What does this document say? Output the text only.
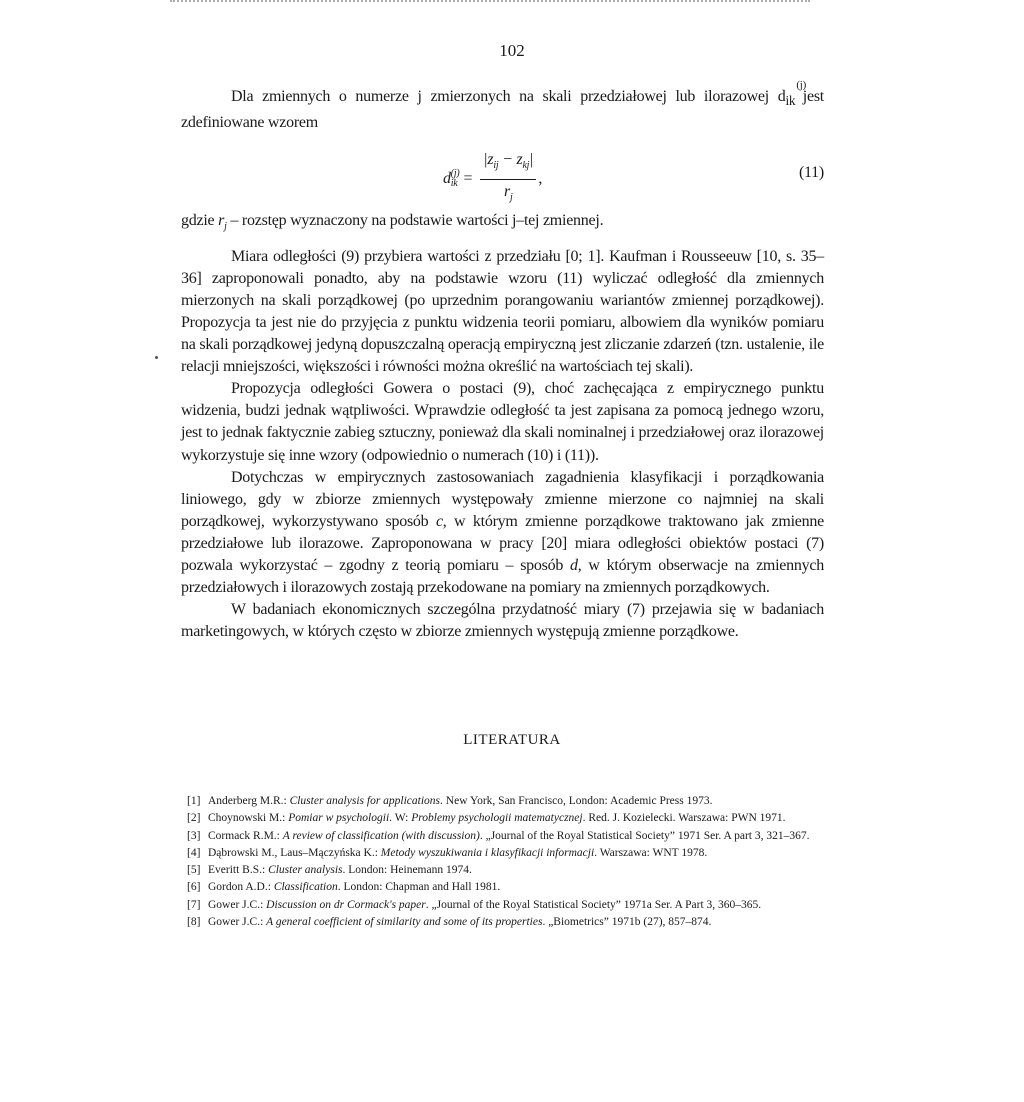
102

Dla zmiennych o numerze j zmierzonych na skali przedziałowej lub ilorazowej $d_{ik}^{(j)}$ jest zdefiniowane wzorem

d (j)
ik = $\frac{|z_{ij} - z_{kj}|}{r_j}$ ,	(11)

gdzie $r_j$ – rozstęp wyznaczony na podstawie wartości j–tej zmiennej.

Miara odległości (9) przybiera wartości z przedziału [0; 1]. Kaufman i Rousseeuw [10, s. 35–36] zaproponowali ponadto, aby na podstawie wzoru (11) wyliczać odległość dla zmiennych mierzonych na skali porządkowej (po uprzednim porangowaniu wariantów zmiennej porządkowej). Propozycja ta jest nie do przyjęcia z punktu widzenia teorii pomiaru, albowiem dla wyników pomiaru na skali porządkowej jedyną dopuszczalną operacją empiryczną jest zliczanie zdarzeń (tzn. ustalenie, ile relacji mniejszości, większości i równości można określić na wartościach tej skali).

Propozycja odległości Gowera o postaci (9), choć zachęcająca z empirycznego punktu widzenia, budzi jednak wątpliwości. Wprawdzie odległość ta jest zapisana za pomocą jednego wzoru, jest to jednak faktycznie zabieg sztuczny, ponieważ dla skali nominalnej i przedziałowej oraz ilorazowej wykorzystuje się inne wzory (odpowiednio o numerach (10) i (11)).

Dotychczas w empirycznych zastosowaniach zagadnienia klasyfikacji i porządkowania liniowego, gdy w zbiorze zmiennych występowały zmienne mierzone co najmniej na skali porządkowej, wykorzystywano sposób c, w którym zmienne porządkowe traktowano jak zmienne przedziałowe lub ilorazowe. Zaproponowana w pracy [20] miara odległości obiektów postaci (7) pozwala wykorzystać – zgodny z teorią pomiaru – sposób d, w którym obserwacje na zmiennych przedziałowych i ilorazowych zostają przekodowane na pomiary na zmiennych porządkowych.

W badaniach ekonomicznych szczególna przydatność miary (7) przejawia się w badaniach marketingowych, w których często w zbiorze zmiennych występują zmienne porządkowe.

LITERATURA
[1] Anderberg M.R.: Cluster analysis for applications. New York, San Francisco, London: Academic Press 1973.
[2] Choynowski M.: Pomiar w psychologii. W: Problemy psychologii matematycznej. Red. J. Kozielecki. Warszawa: PWN 1971.
[3] Cormack R.M.: A review of classification (with discussion). „Journal of the Royal Statistical Society” 1971 Ser. A part 3, 321–367.
[4] Dąbrowski M., Laus–Mączyńska K.: Metody wyszukiwania i klasyfikacji informacji. Warszawa: WNT 1978.
[5] Everitt B.S.: Cluster analysis. London: Heinemann 1974.
[6] Gordon A.D.: Classification. London: Chapman and Hall 1981.
[7] Gower J.C.: Discussion on dr Cormack's paper. „Journal of the Royal Statistical Society” 1971a Ser. A Part 3, 360–365.
[8] Gower J.C.: A general coefficient of similarity and some of its properties. „Biometrics” 1971b (27), 857–874.
